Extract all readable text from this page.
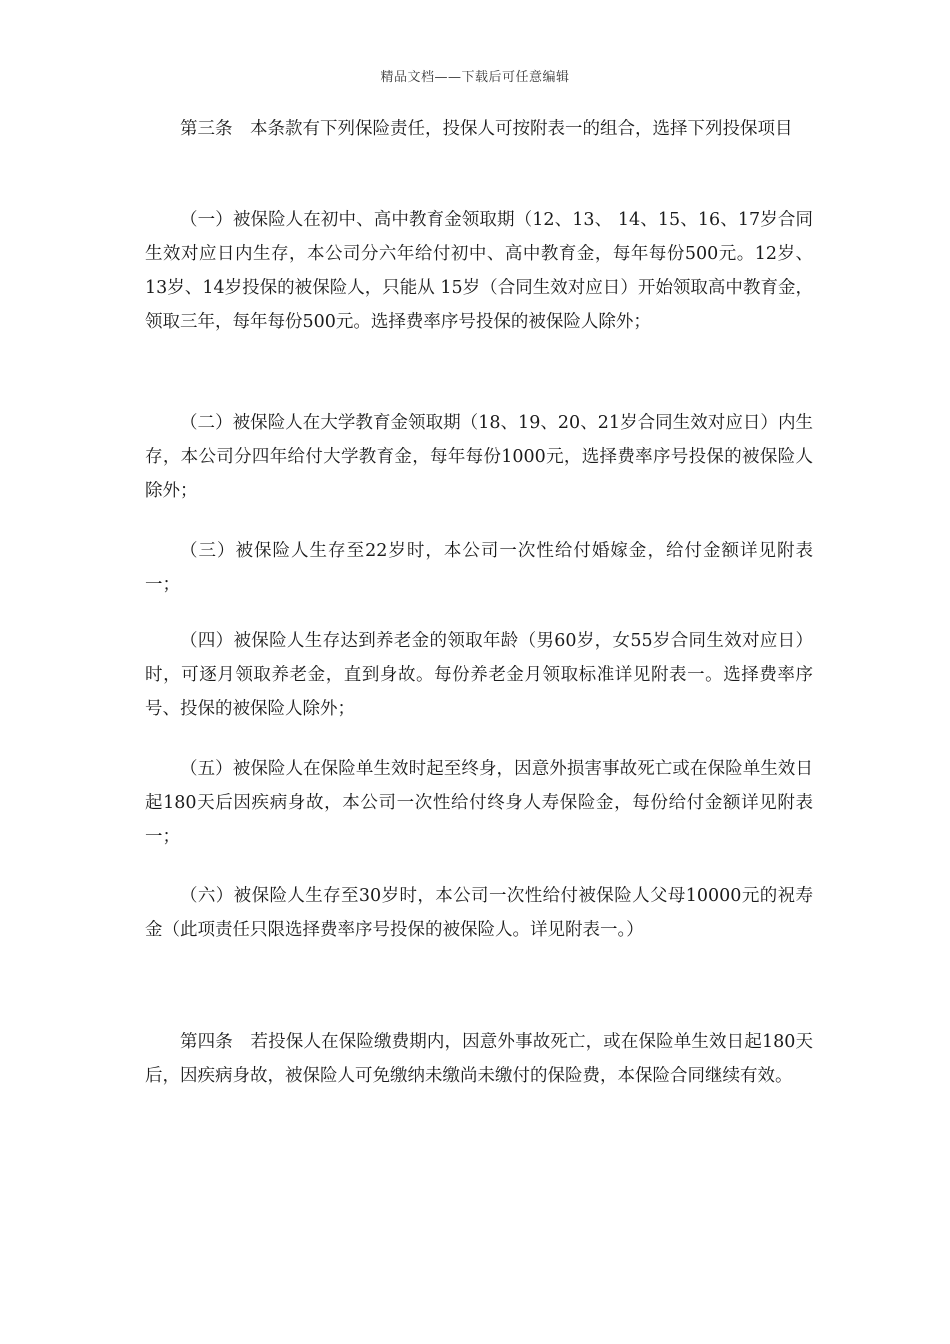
精品文档——下载后可任意编辑

第三条　本条款有下列保险责任，投保人可按附表一的组合，选择下列投保项目

（一）被保险人在初中、高中教育金领取期（12、13、 14、15、16、17岁合同生效对应日内生存，本公司分六年给付初中、高中教育金，每年每份500元。12岁、13岁、14岁投保的被保险人，只能从 15岁（合同生效对应日）开始领取高中教育金，领取三年，每年每份500元。选择费率序号投保的被保险人除外；

（二）被保险人在大学教育金领取期（18、19、20、21岁合同生效对应日）内生存，本公司分四年给付大学教育金，每年每份1000元，选择费率序号投保的被保险人除外；

（三）被保险人生存至22岁时，本公司一次性给付婚嫁金，给付金额详见附表一；

（四）被保险人生存达到养老金的领取年龄（男60岁，女55岁合同生效对应日）时，可逐月领取养老金，直到身故。每份养老金月领取标准详见附表一。选择费率序号、投保的被保险人除外；

（五）被保险人在保险单生效时起至终身，因意外损害事故死亡或在保险单生效日起180天后因疾病身故，本公司一次性给付终身人寿保险金，每份给付金额详见附表一；

（六）被保险人生存至30岁时，本公司一次性给付被保险人父母10000元的祝寿金（此项责任只限选择费率序号投保的被保险人。详见附表一。）

第四条　若投保人在保险缴费期内，因意外事故死亡，或在保险单生效日起180天后，因疾病身故，被保险人可免缴纳未缴尚未缴付的保险费，本保险合同继续有效。
